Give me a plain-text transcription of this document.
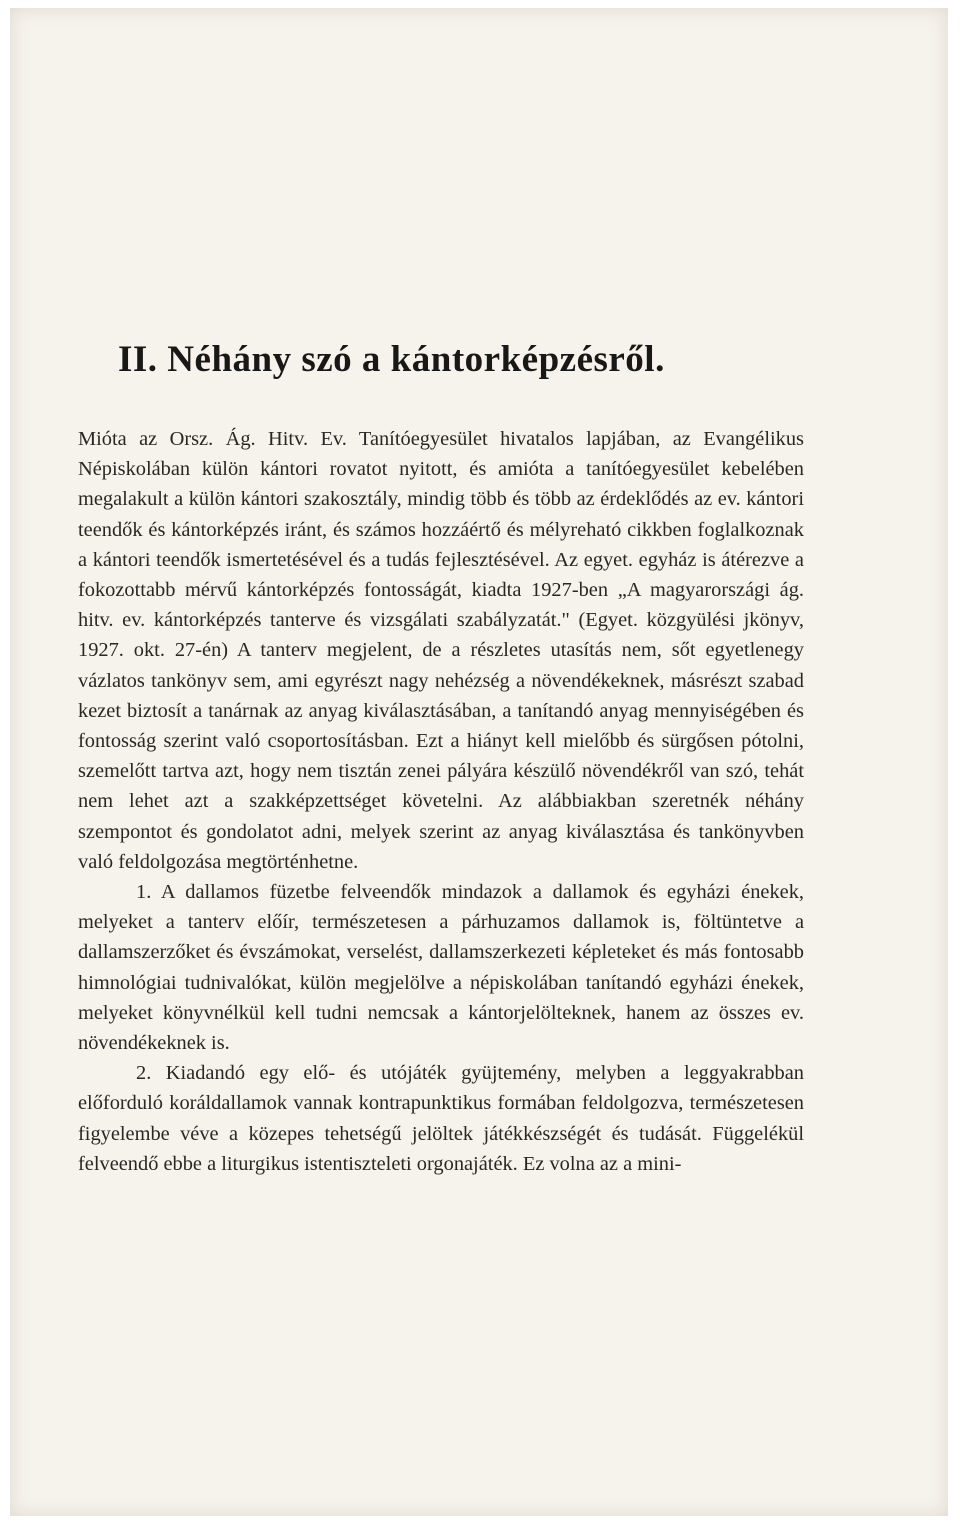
II. Néhány szó a kántorképzésről.

Mióta az Orsz. Ág. Hitv. Ev. Tanítóegyesület hivatalos lapjában, az Evangélikus Népiskolában külön kántori rovatot nyitott, és amióta a tanítóegyesület kebelében megalakult a külön kántori szakosztály, mindig több és több az érdeklődés az ev. kántori teendők és kántorképzés iránt, és számos hozzáértő és mélyreható cikkben foglalkoznak a kántori teendők ismertetésével és a tudás fejlesztésével. Az egyet. egyház is átérezve a fokozottabb mérvű kántorképzés fontosságát, kiadta 1927-ben „A magyarországi ág. hitv. ev. kántorképzés tanterve és vizsgálati szabályzatát." (Egyet. közgyülési jkönyv, 1927. okt. 27-én) A tanterv megjelent, de a részletes utasítás nem, sőt egyetlenegy vázlatos tankönyv sem, ami egyrészt nagy nehézség a növendékeknek, másrészt szabad kezet biztosít a tanárnak az anyag kiválasztásában, a tanítandó anyag mennyiségében és fontosság szerint való csoportosításban. Ezt a hiányt kell mielőbb és sürgősen pótolni, szemelőtt tartva azt, hogy nem tisztán zenei pályára készülő növendékről van szó, tehát nem lehet azt a szakképzettséget követelni. Az alábbiakban szeretnék néhány szempontot és gondolatot adni, melyek szerint az anyag kiválasztása és tankönyvben való feldolgozása megtörténhetne.

1. A dallamos füzetbe felveendők mindazok a dallamok és egyházi énekek, melyeket a tanterv előír, természetesen a párhuzamos dallamok is, föltüntetve a dallamszerzőket és évszámokat, verselést, dallamszerkezeti képleteket és más fontosabb himnológiai tudnivalókat, külön megjelölve a népiskolában tanítandó egyházi énekek, melyeket könyvnélkül kell tudni nemcsak a kántorjelölteknek, hanem az összes ev. növendékeknek is.

2. Kiadandó egy elő- és utójáték gyüjtemény, melyben a leggyakrabban előforduló koráldallamok vannak kontrapunktikus formában feldolgozva, természetesen figyelembe véve a közepes tehetségű jelöltek játékkészségét és tudását. Függelékül felveendő ebbe a liturgikus istentiszteleti orgonajáték. Ez volna az a mini-
